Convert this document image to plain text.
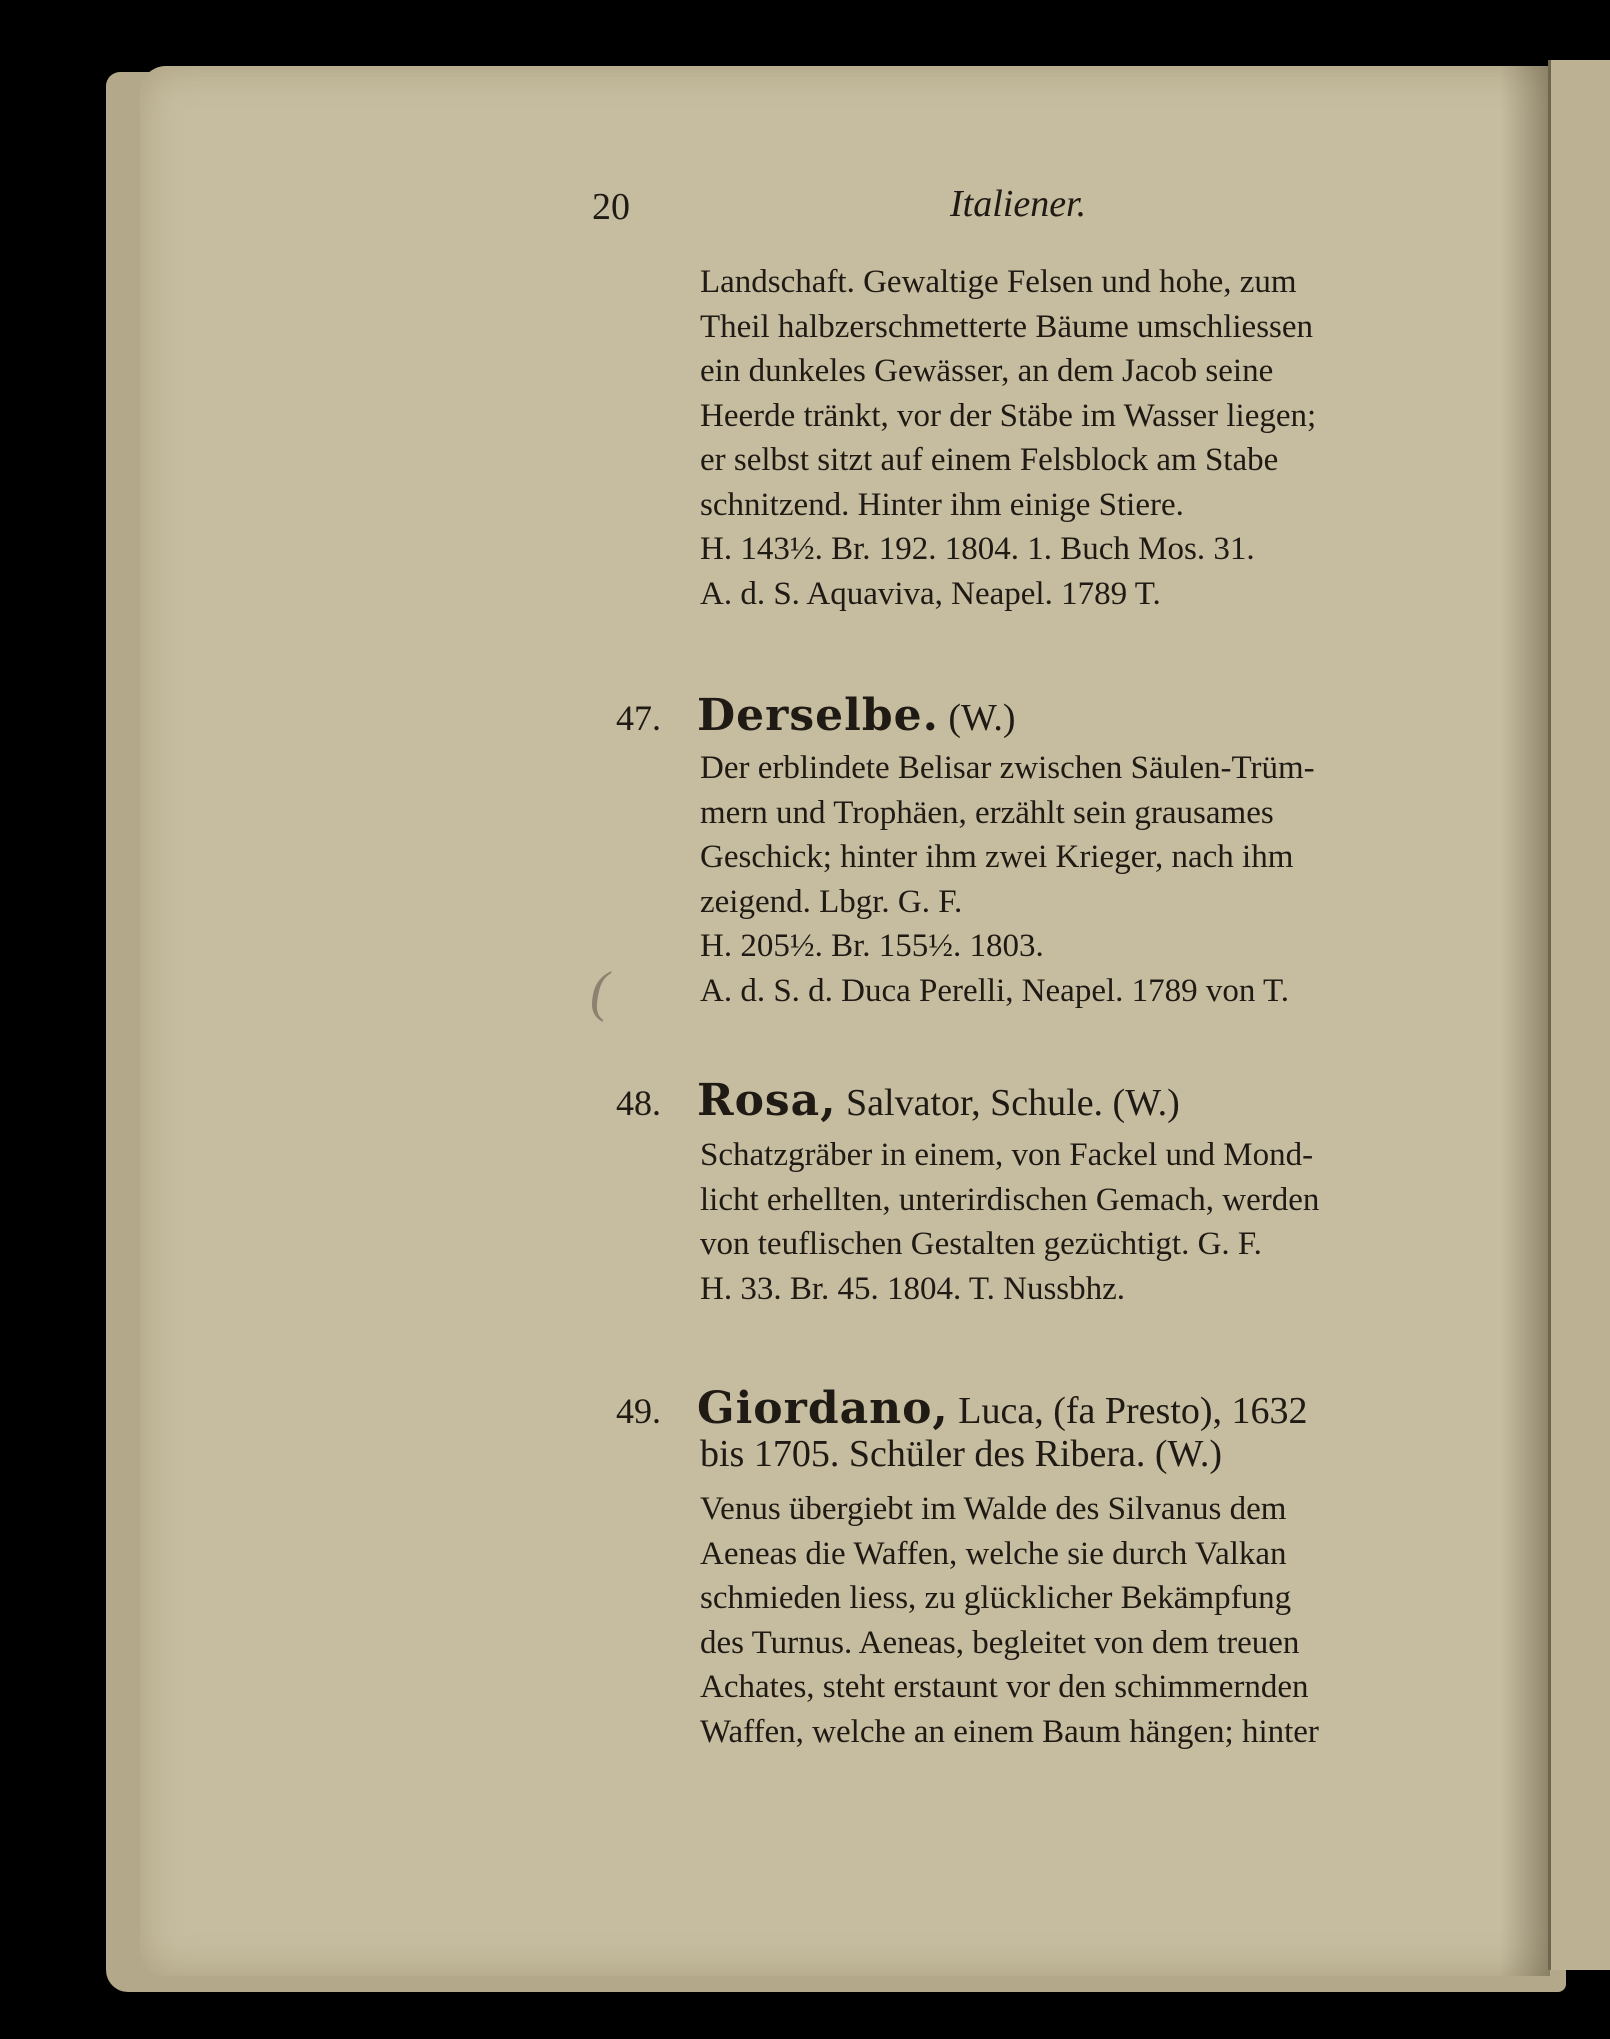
20	Italiener.
Landschaft. Gewaltige Felsen und hohe, zum
Theil halbzerschmetterte Bäume umschliessen
ein dunkeles Gewässer, an dem Jacob seine
Heerde tränkt, vor der Stäbe im Wasser liegen;
er selbst sitzt auf einem Felsblock am Stabe
schnitzend. Hinter ihm einige Stiere.
H. 143½. Br. 192. 1804. 1. Buch Mos. 31.
A. d. S. Aquaviva, Neapel. 1789 T.
47. Derselbe. (W.)
Der erblindete Belisar zwischen Säulen-Trüm-
mern und Trophäen, erzählt sein grausames
Geschick; hinter ihm zwei Krieger, nach ihm
zeigend. Lbgr. G. F.
H. 205½. Br. 155½. 1803.
A. d. S. d. Duca Perelli, Neapel. 1789 von T.
48. Rosa, Salvator, Schule. (W.)
Schatzgräber in einem, von Fackel und Mond-
licht erhellten, unterirdischen Gemach, werden
von teuflischen Gestalten gezüchtigt. G. F.
H. 33. Br. 45. 1804. T. Nussbhz.
49. Giordano, Luca, (fa Presto), 1632
bis 1705. Schüler des Ribera. (W.)
Venus übergiebt im Walde des Silvanus dem
Aeneas die Waffen, welche sie durch Valkan
schmieden liess, zu glücklicher Bekämpfung
des Turnus. Aeneas, begleitet von dem treuen
Achates, steht erstaunt vor den schimmernden
Waffen, welche an einem Baum hängen; hinter
(
